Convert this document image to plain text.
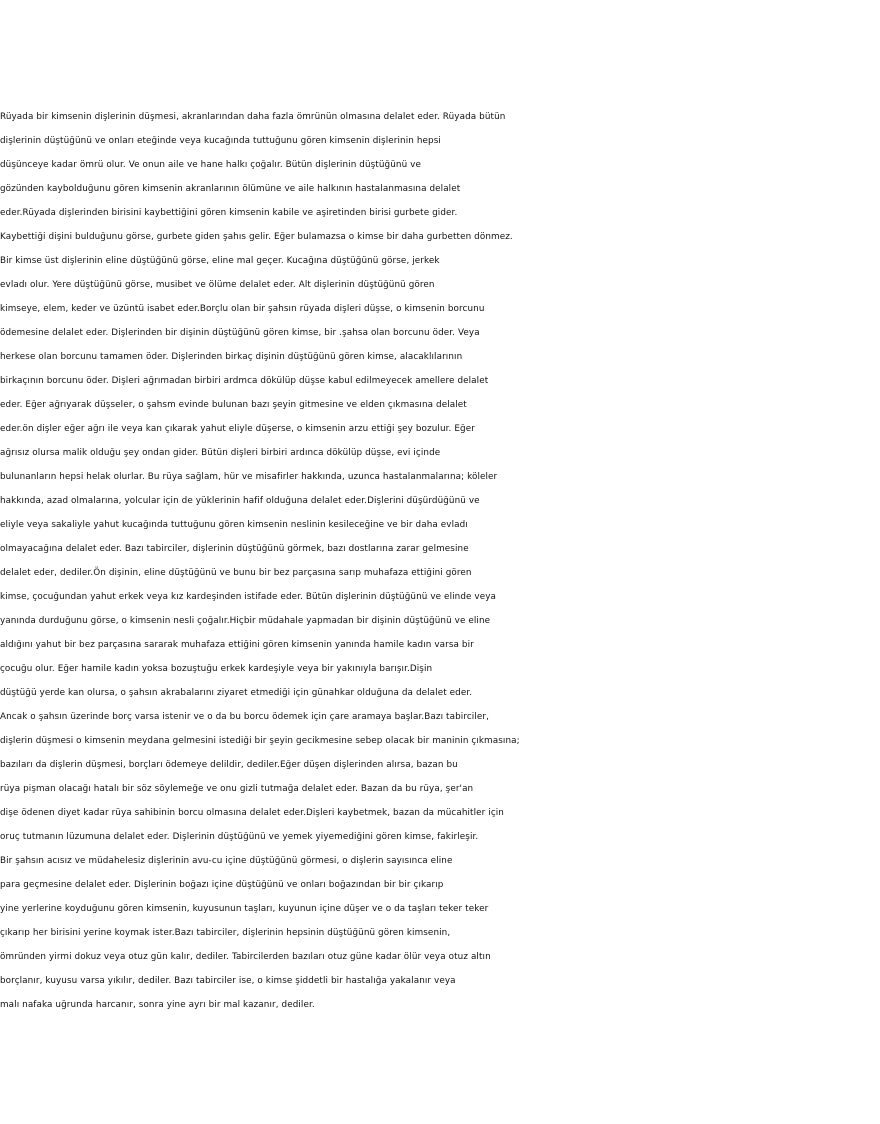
Rüyada bir kimsenin dişlerinin düşmesi, akranlarından daha fazla ömrünün olmasına delalet eder. Rüyada bütün
dişlerinin düştüğünü ve onları eteğinde veya kucağında tuttuğunu gören kimsenin dişlerinin hepsi
düşünceye kadar ömrü olur. Ve onun aile ve hane halkı çoğalır. Bütün dişlerinin düştüğünü ve
gözünden kaybolduğunu gören kimsenin akranlarının ölümüne ve aile halkının hastalanmasına delalet
eder.Rüyada dişlerinden birisini kaybettiğini gören kimsenin kabile ve aşiretinden birisi gurbete gider.
Kaybettiği dişini bulduğunu görse, gurbete giden şahıs gelir. Eğer bulamazsa o kimse bir daha gurbetten dönmez.
Bir kimse üst dişlerinin eline düştüğünü görse, eline mal geçer. Kucağına düştüğünü görse, jerkek
evladı olur. Yere düştüğünü görse, musibet ve ölüme delalet eder. Alt dişlerinin düştüğünü gören
kimseye, elem, keder ve üzüntü isabet eder.Borçlu olan bir şahsın rüyada dişleri düşse, o kimsenin borcunu
ödemesine delalet eder. Dişlerinden bir dişinin düştüğünü gören kimse, bir .şahsa olan borcunu öder. Veya
herkese olan borcunu tamamen öder. Dişlerinden birkaç dişinin düştüğünü gören kimse, alacaklılarının
birkaçının borcunu öder. Dişleri ağrımadan birbiri ardmca dökülüp düşse kabul edilmeyecek amellere delalet
eder. Eğer ağrıyarak düşseler, o şahsm evinde bulunan bazı şeyin gitmesine ve elden çıkmasına delalet
eder.ön dişler eğer ağrı ile veya kan çıkarak yahut eliyle düşerse, o kimsenin arzu ettiği şey bozulur. Eğer
ağrısız olursa malik olduğu şey ondan gider. Bütün dişleri birbiri ardınca dökülüp düşse, evi içinde
bulunanların hepsi helak olurlar. Bu rüya sağlam, hür ve misafirler hakkında, uzunca hastalanmalarına; köleler
hakkında, azad olmalarına, yolcular için de yüklerinin hafif olduğuna delalet eder.Dişlerini düşürdüğünü ve
eliyle veya sakaliyle yahut kucağında tuttuğunu gören kimsenin neslinin kesileceğine ve bir daha evladı
olmayacağına delalet eder. Bazı tabirciler, dişlerinin düştüğünü görmek, bazı dostlarına zarar gelmesine
delalet eder, dediler.Ön dişinin, eline düştüğünü ve bunu bir bez parçasına sarıp muhafaza ettiğini gören
kimse, çocuğundan yahut erkek veya kız kardeşinden istifade eder. Bütün dişlerinin düştüğünü ve elinde veya
yanında durduğunu görse, o kimsenin nesli çoğalır.Hiçbir müdahale yapmadan bir dişinin düştüğünü ve eline
aldığını yahut bir bez parçasına sararak muhafaza ettiğini gören kimsenin yanında hamile kadın varsa bir
çocuğu olur. Eğer hamile kadın yoksa bozuştuğu erkek kardeşiyle veya bir yakınıyla barışır.Dişin
düştüğü yerde kan olursa, o şahsın akrabalarını ziyaret etmediği için günahkar olduğuna da delalet eder.
Ancak o şahsın üzerinde borç varsa istenir ve o da bu borcu ödemek için çare aramaya başlar.Bazı tabirciler,
dişlerin düşmesi o kimsenin meydana gelmesini istediği bir şeyin gecikmesine sebep olacak bir maninin çıkmasına;
bazıları da dişlerin düşmesi, borçları ödemeye delildir, dediler.Eğer düşen dişlerinden alırsa, bazan bu
rüya pişman olacağı hatalı bir söz söylemeğe ve onu gizli tutmağa delalet eder. Bazan da bu rüya, şer'an
dişe ödenen diyet kadar rüya sahibinin borcu olmasına delalet eder.Dişleri kaybetmek, bazan da mücahitler için
oruç tutmanın lüzumuna delalet eder. Dişlerinin düştüğünü ve yemek yiyemediğini gören kimse, fakirleşir.
Bir şahsın acısız ve müdahelesiz dişlerinin avu-cu içine düştüğünü görmesi, o dişlerin sayısınca eline
para geçmesine delalet eder. Dişlerinin boğazı içine düştüğünü ve onları boğazından bir bir çıkarıp
yine yerlerine koyduğunu gören kimsenin, kuyusunun taşları, kuyunun içine düşer ve o da taşları teker teker
çıkarıp her birisini yerine koymak ister.Bazı tabirciler, dişlerinin hepsinin düştüğünü gören kimsenin,
ömründen yirmi dokuz veya otuz gün kalır, dediler. Tabircilerden bazıları otuz güne kadar ölür veya otuz altın
borçlanır, kuyusu varsa yıkılır, dediler. Bazı tabirciler ise, o kimse şiddetli bir hastalığa yakalanır veya
malı nafaka uğrunda harcanır, sonra yine ayrı bir mal kazanır, dediler.
